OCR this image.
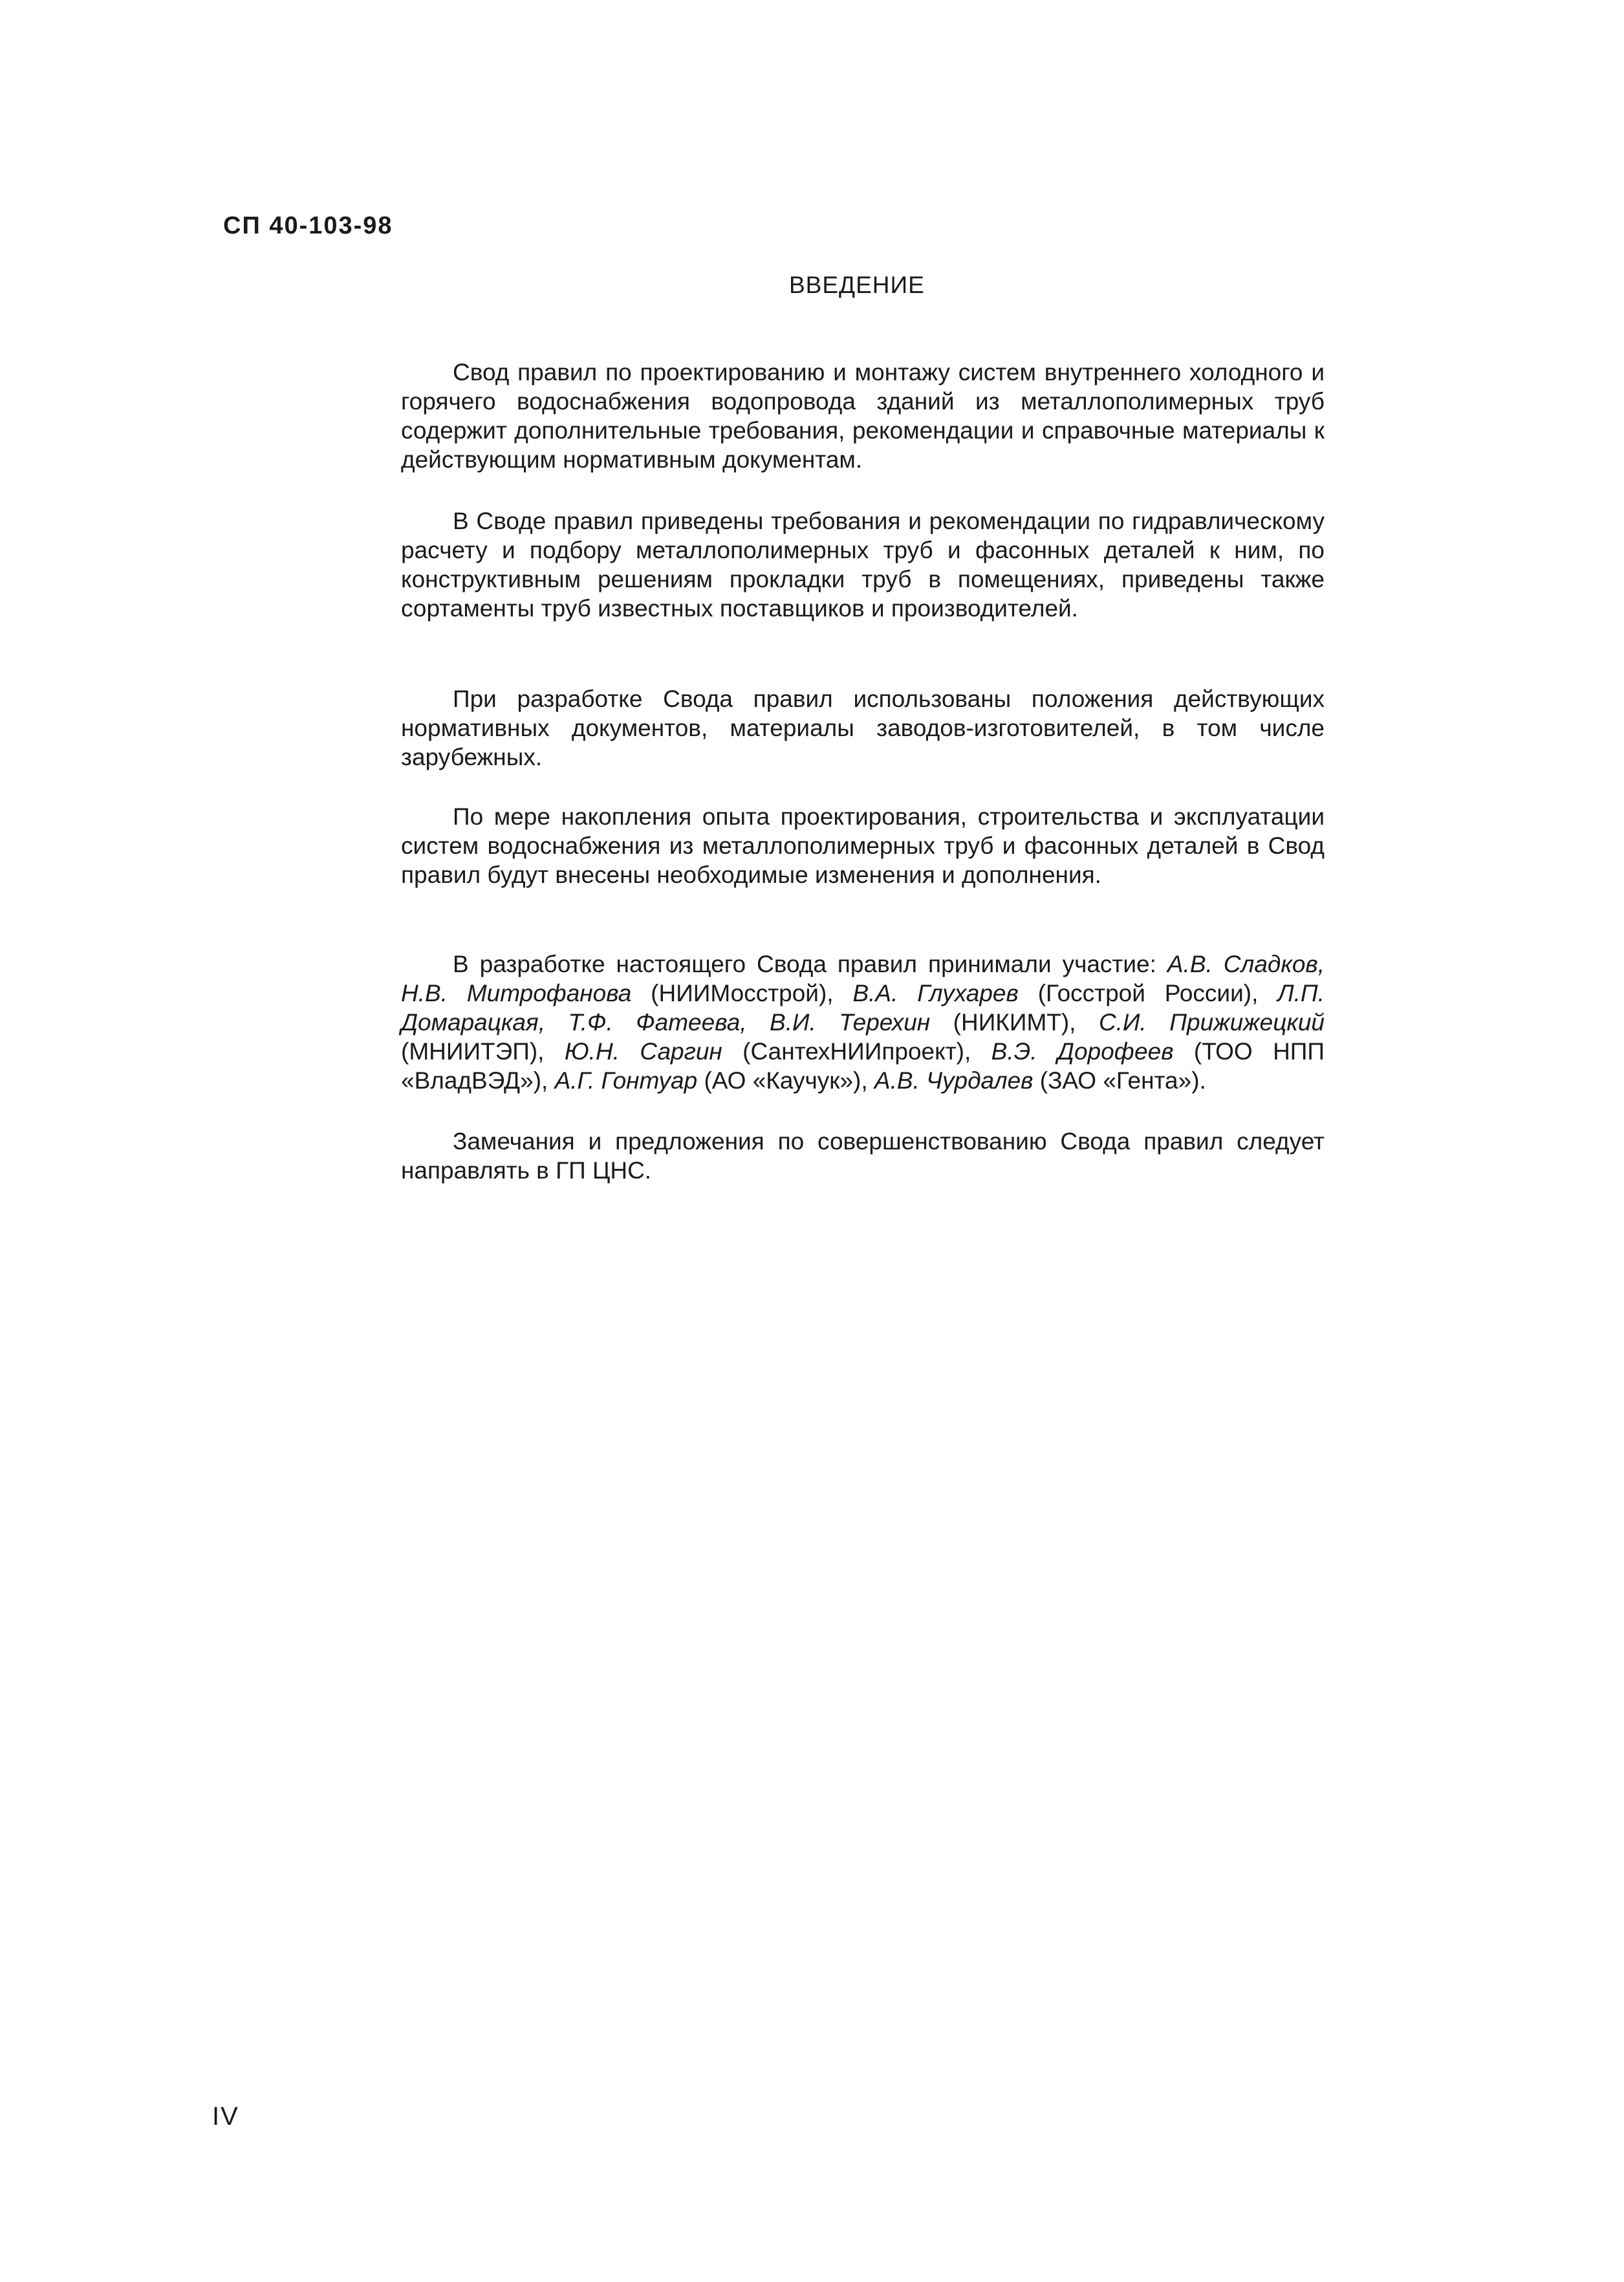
СП 40-103-98
ВВЕДЕНИЕ

Свод правил по проектированию и монтажу систем внутреннего холодного и горячего водоснабжения водопровода зданий из металлополимерных труб содержит дополнительные требования, рекомендации и справочные материалы к действующим нормативным документам.

В Своде правил приведены требования и рекомендации по гидравлическому расчету и подбору металлополимерных труб и фасонных деталей к ним, по конструктивным решениям прокладки труб в помещениях, приведены также сортаменты труб известных поставщиков и производителей.

При разработке Свода правил использованы положения действующих нормативных документов, материалы заводов-изготовителей, в том числе зарубежных.

По мере накопления опыта проектирования, строительства и эксплуатации систем водоснабжения из металлополимерных труб и фасонных деталей в Свод правил будут внесены необходимые изменения и дополнения.

В разработке настоящего Свода правил принимали участие: А.В. Сладков, Н.В. Митрофанова (НИИМосстрой), В.А. Глухарев (Госстрой России), Л.П. Домарацкая, Т.Ф. Фатеева, В.И. Терехин (НИКИМТ), С.И. Прижижецкий (МНИИТЭП), Ю.Н. Саргин (СантехНИИпроект), В.Э. Дорофеев (ТОО НПП «ВладВЭД»), А.Г. Гонтуар (АО «Каучук»), А.В. Чурдалев (ЗАО «Гента»).

Замечания и предложения по совершенствованию Свода правил следует направлять в ГП ЦНС.

IV
